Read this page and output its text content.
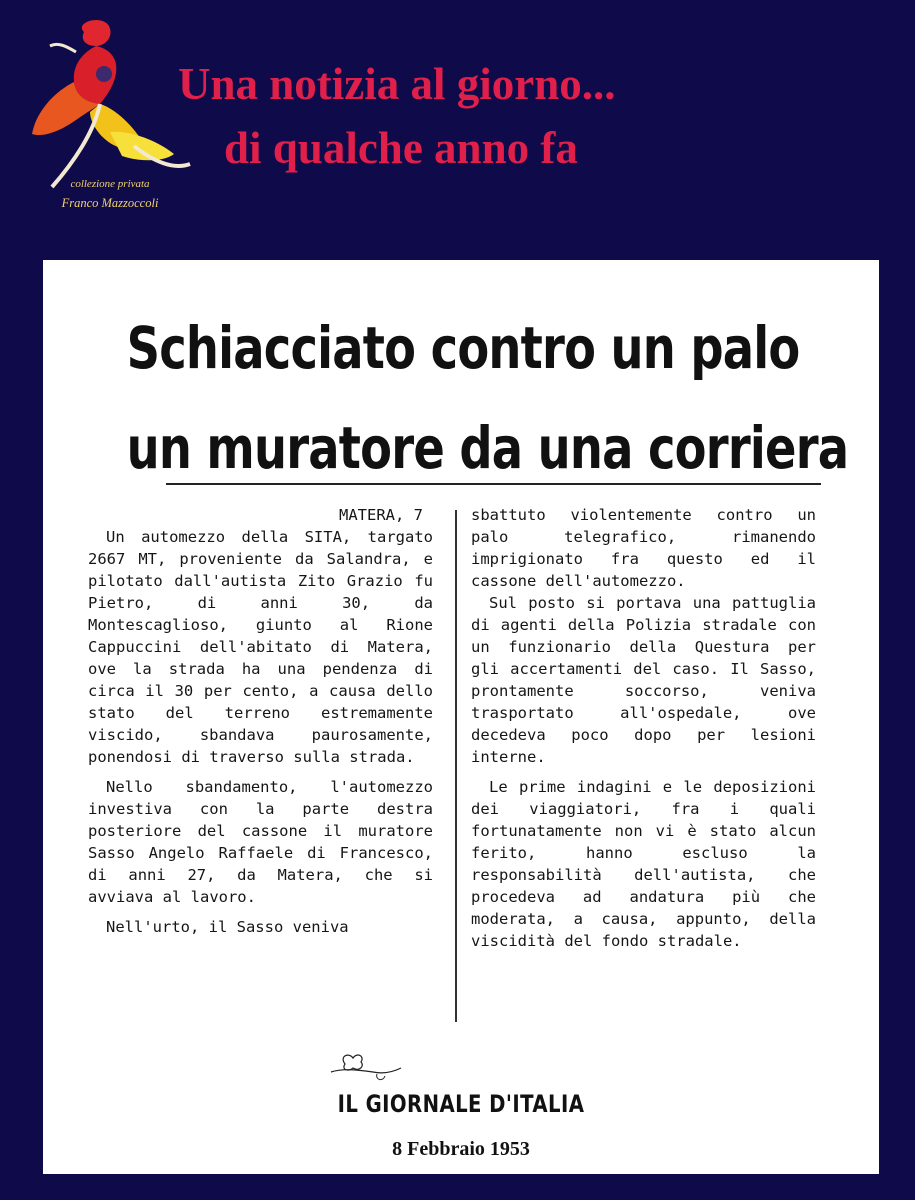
collezione privata
Franco Mazzoccoli
Una notizia al giorno...
di qualche anno fa
Schiacciato contro un palo
un muratore da una corriera
MATERA, 7

Un automezzo della SITA, targato 2667 MT, proveniente da Salandra, e pilotato dall'autista Zito Grazio fu Pietro, di anni 30, da Montescaglioso, giunto al Rione Cappuccini dell'abitato di Matera, ove la strada ha una pendenza di circa il 30 per cento, a causa dello stato del terreno estremamente viscido, sbandava paurosamente, ponendosi di traverso sulla strada.

Nello sbandamento, l'automezzo investiva con la parte destra posteriore del cassone il muratore Sasso Angelo Raffaele di Francesco, di anni 27, da Matera, che si avviava al lavoro.

Nell'urto, il Sasso veniva

sbattuto violentemente contro un palo telegrafico, rimanendo imprigionato fra questo ed il cassone dell'automezzo.

Sul posto si portava una pattuglia di agenti della Polizia stradale con un funzionario della Questura per gli accertamenti del caso. Il Sasso, prontamente soccorso, veniva trasportato all'ospedale, ove decedeva poco dopo per lesioni interne.

Le prime indagini e le deposizioni dei viaggiatori, fra i quali fortunatamente non vi è stato alcun ferito, hanno escluso la responsabilità dell'autista, che procedeva ad andatura più che moderata, a causa, appunto, della viscidità del fondo stradale.

IL GIORNALE D'ITALIA
8 Febbraio 1953
